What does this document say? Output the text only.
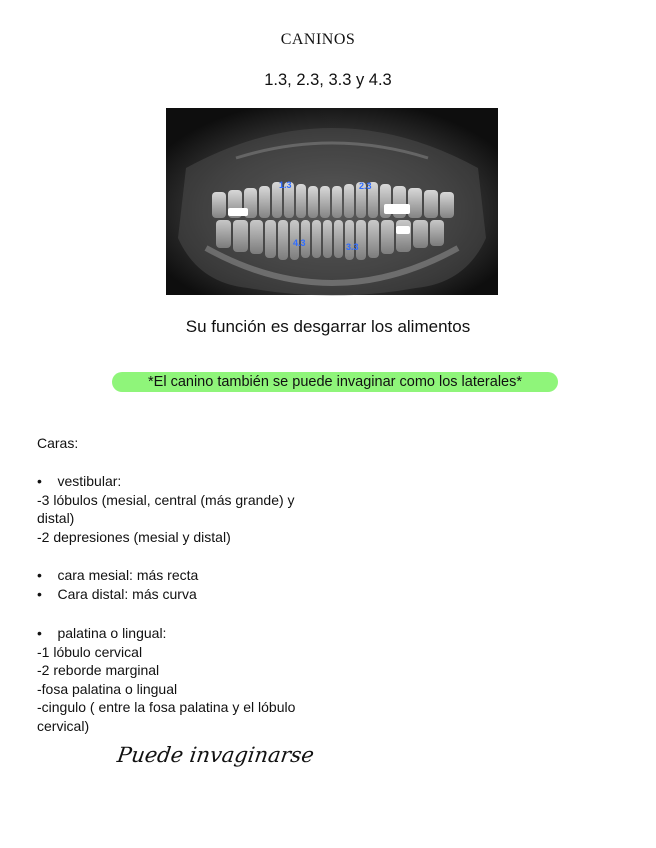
CANINOS
1.3, 2.3, 3.3 y 4.3
1.3	2.3
4.3	3.3
Su función es desgarrar los alimentos
*El canino también se puede invaginar como los laterales*
Caras:
•    vestibular:
-3 lóbulos (mesial, central (más grande) y
distal)
-2 depresiones (mesial y distal)
•    cara mesial: más recta
•    Cara distal: más curva
•    palatina o lingual:
-1 lóbulo cervical
-2 reborde marginal
-fosa palatina o lingual
-cingulo ( entre la fosa palatina y el lóbulo
cervical)
Puede invaginarse
